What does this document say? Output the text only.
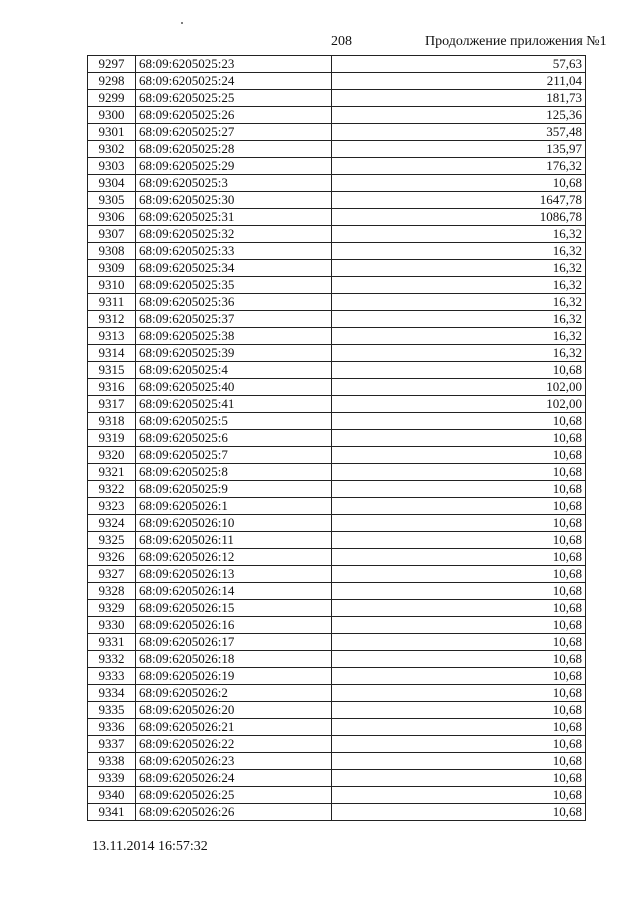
208	Продолжение приложения №1
9297	68:09:6205025:23	57,63
9298	68:09:6205025:24	211,04
9299	68:09:6205025:25	181,73
9300	68:09:6205025:26	125,36
9301	68:09:6205025:27	357,48
9302	68:09:6205025:28	135,97
9303	68:09:6205025:29	176,32
9304	68:09:6205025:3	10,68
9305	68:09:6205025:30	1647,78
9306	68:09:6205025:31	1086,78
9307	68:09:6205025:32	16,32
9308	68:09:6205025:33	16,32
9309	68:09:6205025:34	16,32
9310	68:09:6205025:35	16,32
9311	68:09:6205025:36	16,32
9312	68:09:6205025:37	16,32
9313	68:09:6205025:38	16,32
9314	68:09:6205025:39	16,32
9315	68:09:6205025:4	10,68
9316	68:09:6205025:40	102,00
9317	68:09:6205025:41	102,00
9318	68:09:6205025:5	10,68
9319	68:09:6205025:6	10,68
9320	68:09:6205025:7	10,68
9321	68:09:6205025:8	10,68
9322	68:09:6205025:9	10,68
9323	68:09:6205026:1	10,68
9324	68:09:6205026:10	10,68
9325	68:09:6205026:11	10,68
9326	68:09:6205026:12	10,68
9327	68:09:6205026:13	10,68
9328	68:09:6205026:14	10,68
9329	68:09:6205026:15	10,68
9330	68:09:6205026:16	10,68
9331	68:09:6205026:17	10,68
9332	68:09:6205026:18	10,68
9333	68:09:6205026:19	10,68
9334	68:09:6205026:2	10,68
9335	68:09:6205026:20	10,68
9336	68:09:6205026:21	10,68
9337	68:09:6205026:22	10,68
9338	68:09:6205026:23	10,68
9339	68:09:6205026:24	10,68
9340	68:09:6205026:25	10,68
9341	68:09:6205026:26	10,68
13.11.2014 16:57:32
